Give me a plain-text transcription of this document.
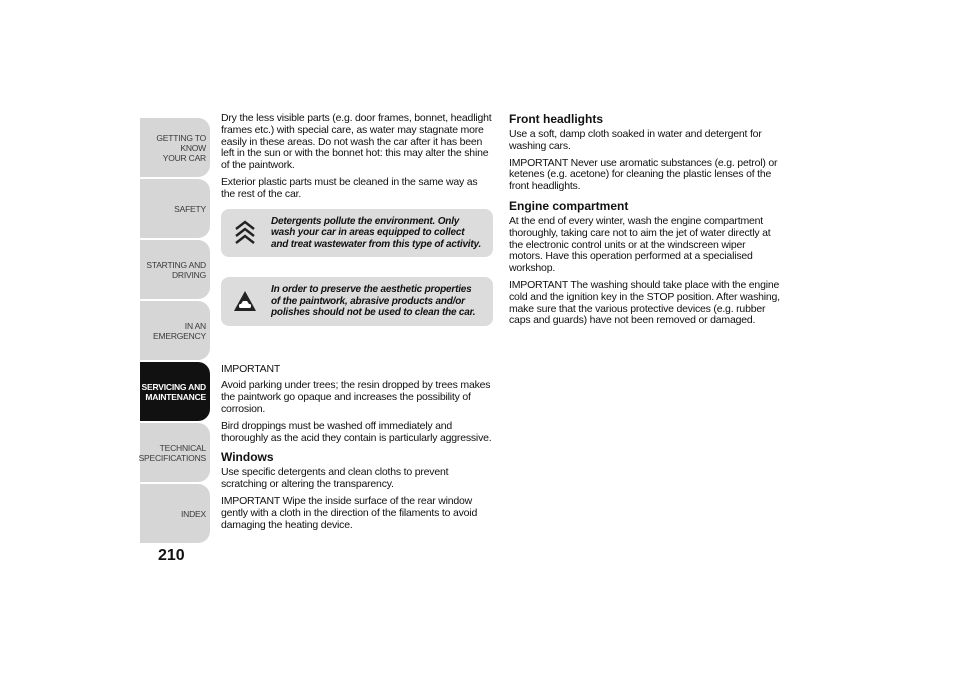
GETTING TO KNOW
YOUR CAR
SAFETY
STARTING AND
DRIVING
IN AN EMERGENCY
SERVICING AND
MAINTENANCE
TECHNICAL
SPECIFICATIONS
INDEX
210

Dry the less visible parts (e.g. door frames, bonnet, headlight frames etc.) with special care, as water may stagnate more easily in these areas. Do not wash the car after it has been left in the sun or with the bonnet hot: this may alter the shine of the paintwork.

Exterior plastic parts must be cleaned in the same way as the rest of the car.

Detergents pollute the environment. Only wash your car in areas equipped to collect and treat wastewater from this type of activity.
In order to preserve the aesthetic properties of the paintwork, abrasive products and/or polishes should not be used to clean the car.

IMPORTANT

Avoid parking under trees; the resin dropped by trees makes the paintwork go opaque and increases the possibility of corrosion.

Bird droppings must be washed off immediately and thoroughly as the acid they contain is particularly aggressive.

Windows

Use specific detergents and clean cloths to prevent scratching or altering the transparency.

IMPORTANT Wipe the inside surface of the rear window gently with a cloth in the direction of the filaments to avoid damaging the heating device.

Front headlights

Use a soft, damp cloth soaked in water and detergent for washing cars.

IMPORTANT Never use aromatic substances (e.g. petrol) or ketenes (e.g. acetone) for cleaning the plastic lenses of the front headlights.

Engine compartment

At the end of every winter, wash the engine compartment thoroughly, taking care not to aim the jet of water directly at the electronic control units or at the windscreen wiper motors. Have this operation performed at a specialised workshop.

IMPORTANT The washing should take place with the engine cold and the ignition key in the STOP position. After washing, make sure that the various protective devices (e.g. rubber caps and guards) have not been removed or damaged.
